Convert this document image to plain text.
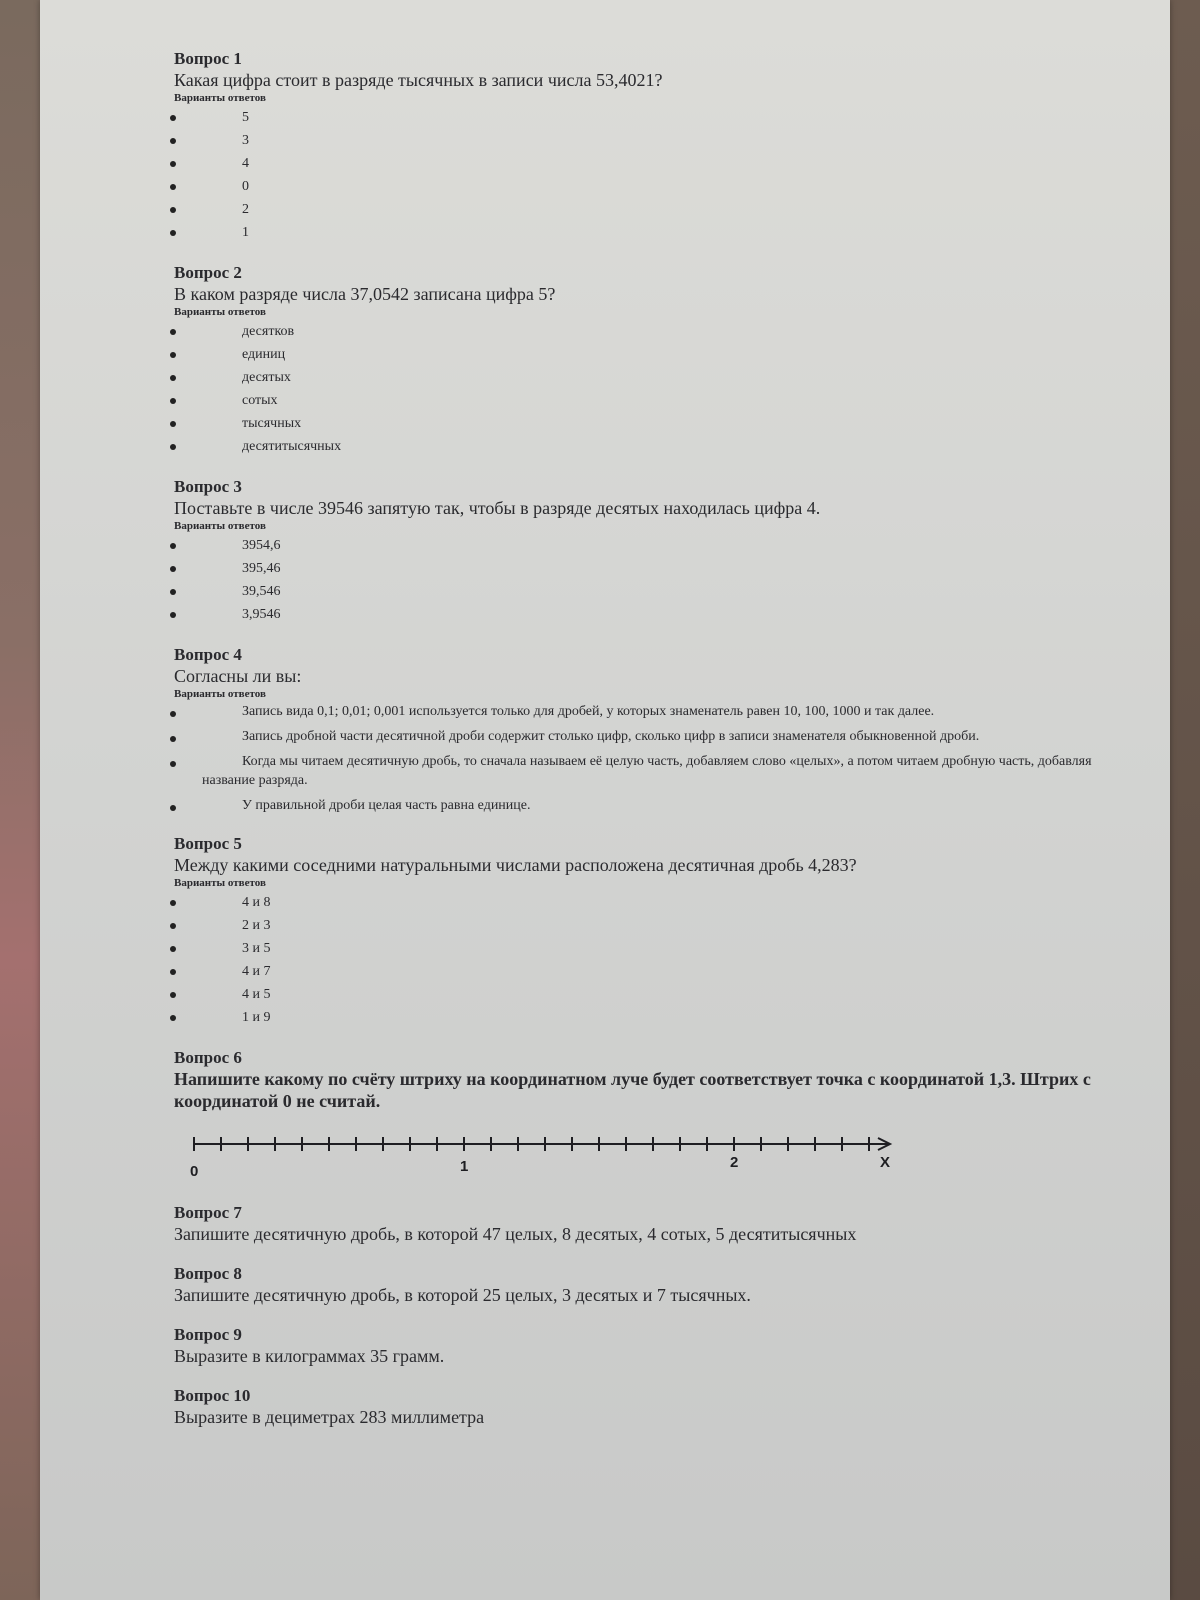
Вопрос 1
Какая цифра стоит в разряде тысячных в записи числа 53,4021?
Варианты ответов
5
3
4
0
2
1
Вопрос 2
В каком разряде числа 37,0542 записана цифра 5?
Варианты ответов
десятков
единиц
десятых
сотых
тысячных
десятитысячных
Вопрос 3
Поставьте в числе 39546 запятую так, чтобы в разряде десятых находилась цифра 4.
Варианты ответов
3954,6
395,46
39,546
3,9546
Вопрос 4
Согласны ли вы:
Варианты ответов
Запись вида 0,1; 0,01; 0,001 используется только для дробей, у которых знаменатель равен 10, 100, 1000 и так далее.
Запись дробной части десятичной дроби содержит столько цифр, сколько цифр в записи знаменателя обыкновенной дроби.
Когда мы читаем десятичную дробь, то сначала называем её целую часть, добавляем слово «целых», а потом читаем дробную часть, добавляя название разряда.
У правильной дроби целая часть равна единице.
Вопрос 5
Между какими соседними натуральными числами расположена десятичная дробь 4,283?
Варианты ответов
4 и 8
2 и 3
3 и 5
4 и 7
4 и 5
1 и 9
Вопрос 6
Напишите какому по счёту штриху на координатном луче будет соответствует точка с координатой 1,3. Штрих с координатой 0 не считай.
0	1	2	X
Вопрос 7
Запишите десятичную дробь, в которой 47 целых, 8 десятых, 4 сотых, 5 десятитысячных
Вопрос 8
Запишите десятичную дробь, в которой 25 целых, 3 десятых и 7 тысячных.
Вопрос 9
Выразите в килограммах 35 грамм.
Вопрос 10
Выразите в дециметрах 283 миллиметра
